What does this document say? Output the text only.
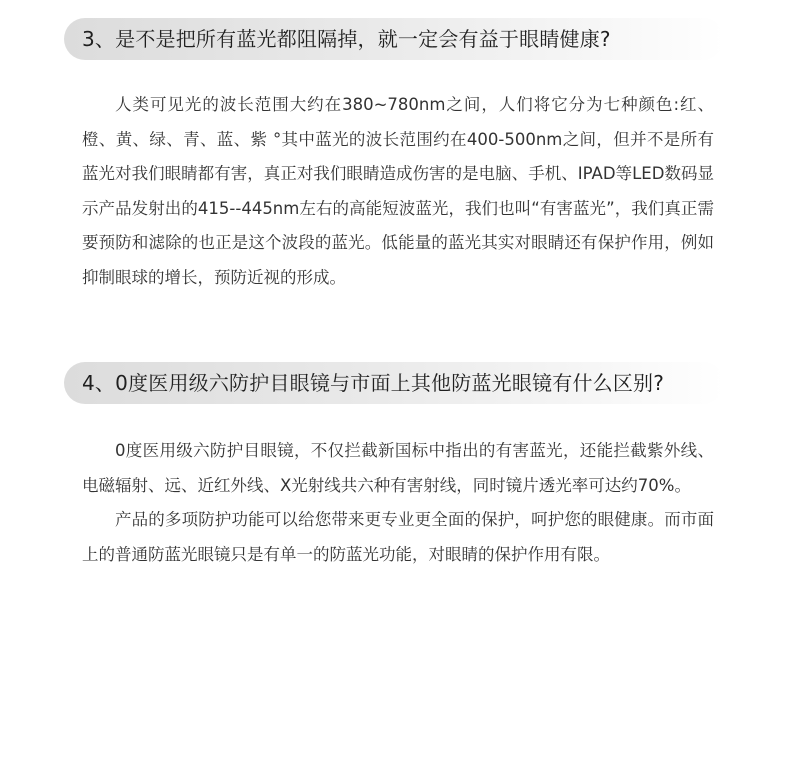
3、是不是把所有蓝光都阻隔掉，就一定会有益于眼睛健康?

人类可见光的波长范围大约在380~780nm之间，人们将它分为七种颜色:红、橙、黄、绿、青、蓝、紫 °其中蓝光的波长范围约在400-500nm之间，但并不是所有蓝光对我们眼睛都有害，真正对我们眼睛造成伤害的是电脑、手机、IPAD等LED数码显示产品发射出的415--445nm左右的高能短波蓝光，我们也叫“有害蓝光”，我们真正需要预防和滤除的也正是这个波段的蓝光。低能量的蓝光其实对眼睛还有保护作用，例如抑制眼球的增长，预防近视的形成。

4、0度医用级六防护目眼镜与市面上其他防蓝光眼镜有什么区别?

0度医用级六防护目眼镜，不仅拦截新国标中指出的有害蓝光，还能拦截紫外线、电磁辐射、远、近红外线、X光射线共六种有害射线，同时镜片透光率可达约70%。

产品的多项防护功能可以给您带来更专业更全面的保护，呵护您的眼健康。而市面上的普通防蓝光眼镜只是有单一的防蓝光功能，对眼睛的保护作用有限。
